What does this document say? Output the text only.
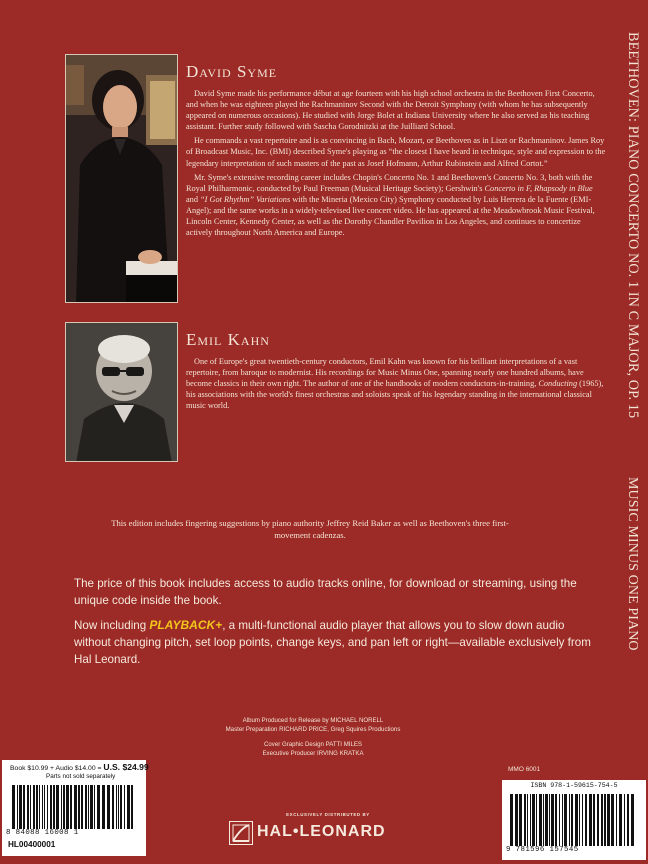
David Syme

David Syme made his performance début at age fourteen with his high school orchestra in the Beethoven First Concerto, and when he was eighteen played the Rachmaninov Second with the Detroit Symphony (with whom he has subsequently appeared on numerous occasions). He studied with Jorge Bolet at Indiana University where he also served as his teaching assistant. Further study followed with Sascha Gorodnitzki at the Juilliard School.

He commands a vast repertoire and is as convincing in Bach, Mozart, or Beethoven as in Liszt or Rachmaninov. James Roy of Broadcast Music, Inc. (BMI) described Syme's playing as “the closest I have heard in technique, style and expression to the legendary interpretation of such masters of the past as Josef Hofmann, Arthur Rubinstein and Alfred Cortot.”

Mr. Syme's extensive recording career includes Chopin's Concerto No. 1 and Beethoven's Concerto No. 3, both with the Royal Philharmonic, conducted by Paul Freeman (Musical Heritage Society); Gershwin's Concerto in F, Rhapsody in Blue and “I Got Rhythm” Variations with the Mineria (Mexico City) Symphony conducted by Luis Herrera de la Fuente (EMI-Angel); and the same works in a widely-televised live concert video. He has appeared at the Meadowbrook Music Festival, Lincoln Center, Kennedy Center, as well as the Dorothy Chandler Pavilion in Los Angeles, and continues to concertize actively throughout North America and Europe.

Emil Kahn

One of Europe's great twentieth-century conductors, Emil Kahn was known for his brilliant interpretations of a vast repertoire, from baroque to modernist. His recordings for Music Minus One, spanning nearly one hundred albums, have become classics in their own right. The author of one of the handbooks of modern conductors-in-training, Conducting (1965), his associations with the world's finest orchestras and soloists speak of his legendary standing in the international classical music world.	BEETHOVEN: PIANO CONCERTO NO. 1 IN C MAJOR, OP. 15
MUSIC MINUS ONE PIANO
This edition includes fingering suggestions by piano authority Jeffrey Reid Baker as well as Beethoven's three first-movement cadenzas.

The price of this book includes access to audio tracks online, for download or streaming, using the unique code inside the book.

Now including PLAYBACK+, a multi-functional audio player that allows you to slow down audio without changing pitch, set loop points, change keys, and pan left or right—available exclusively from Hal Leonard.

Album Produced for Release by MICHAEL NORELL
Master Preparation RICHARD PRICE, Greg Squires Productions
Cover Graphic Design PATTI MILES
Executive Producer IRVING KRATKA
MMO 6001
Book $10.99 + Audio $14.00 = U.S. $24.99
Parts not sold separately
8 84088 16008 1
HL00400001
ISBN 978-1-59615-754-5
9 781596 157545
EXCLUSIVELY DISTRIBUTED BY
HAL•LEONARD
